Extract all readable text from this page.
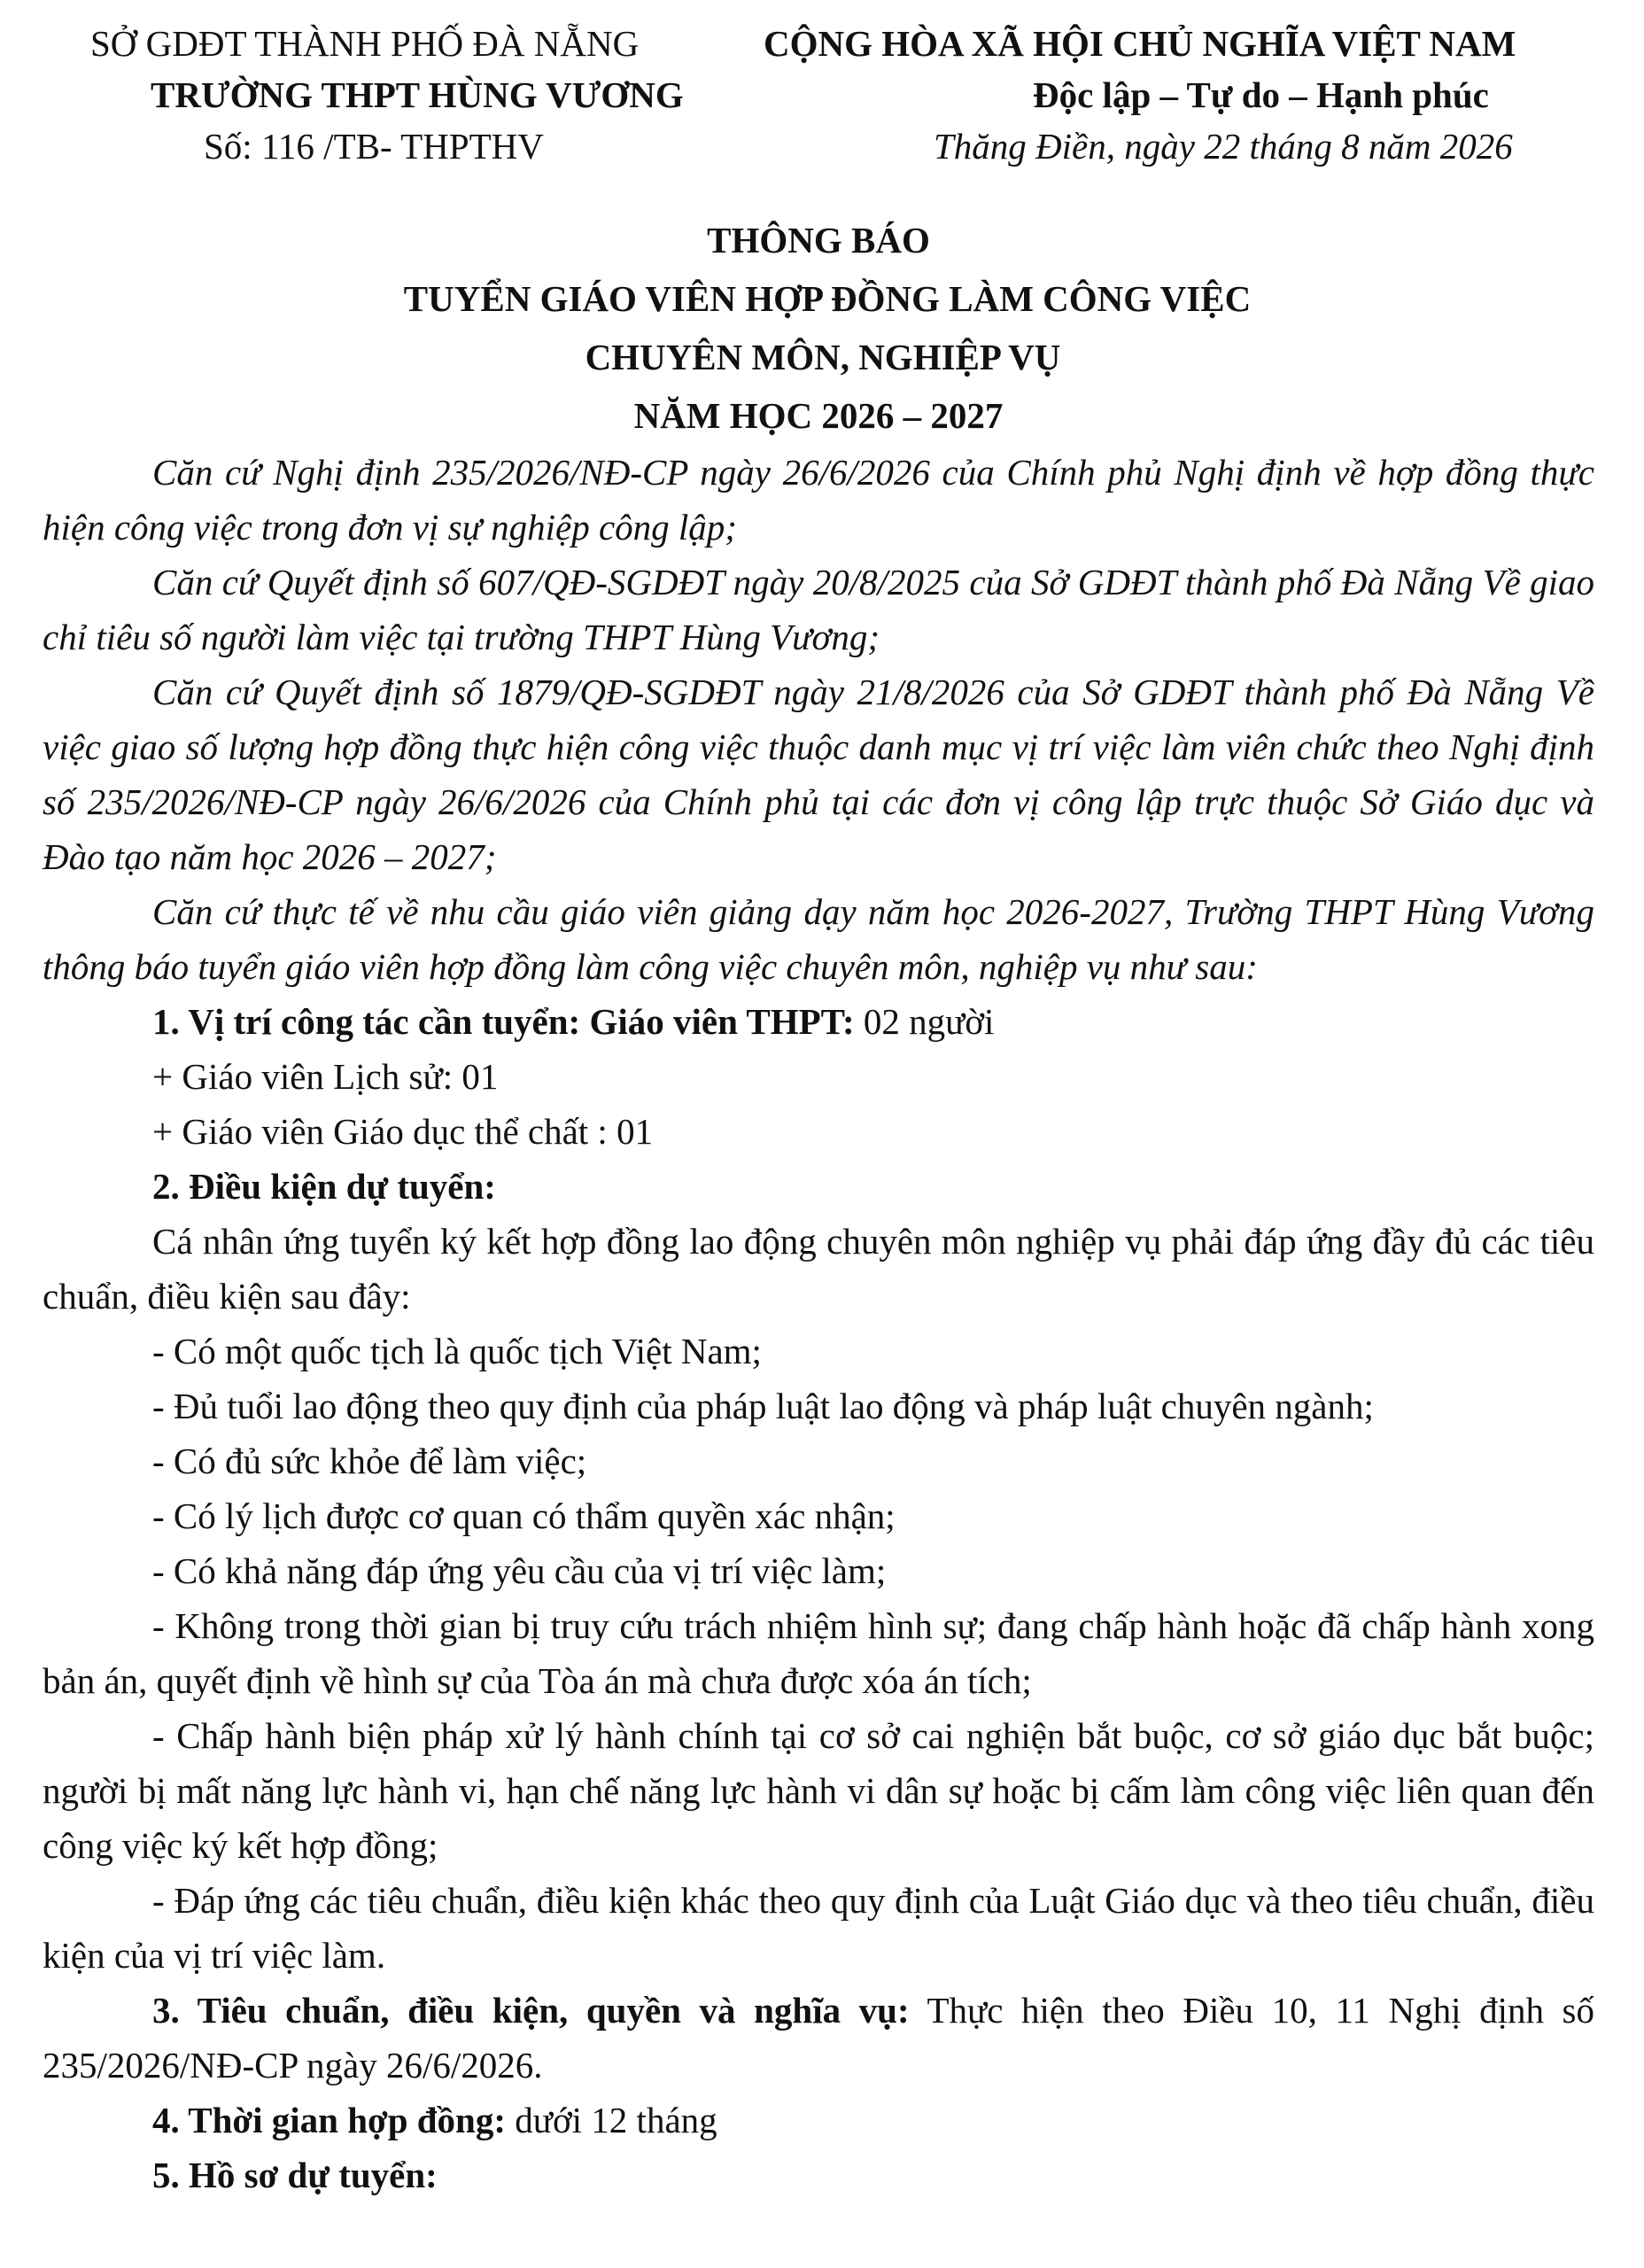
SỞ GDĐT THÀNH PHỐ ĐÀ NẴNG
TRƯỜNG THPT HÙNG VƯƠNG
Số: 116 /TB- THPTHV
CỘNG HÒA XÃ HỘI CHỦ NGHĨA VIỆT NAM
Độc lập – Tự do – Hạnh phúc
Thăng Điền, ngày 22 tháng 8 năm 2026
THÔNG BÁO
TUYỂN GIÁO VIÊN HỢP ĐỒNG LÀM CÔNG VIỆC
CHUYÊN MÔN, NGHIỆP VỤ
NĂM HỌC 2026 – 2027

Căn cứ Nghị định 235/2026/NĐ-CP ngày 26/6/2026 của Chính phủ Nghị định về hợp đồng thực hiện công việc trong đơn vị sự nghiệp công lập;

Căn cứ Quyết định số 607/QĐ-SGDĐT ngày 20/8/2025 của Sở GDĐT thành phố Đà Nẵng Về giao chỉ tiêu số người làm việc tại trường THPT Hùng Vương;

Căn cứ Quyết định số 1879/QĐ-SGDĐT ngày 21/8/2026 của Sở GDĐT thành phố Đà Nẵng Về việc giao số lượng hợp đồng thực hiện công việc thuộc danh mục vị trí việc làm viên chức theo Nghị định số 235/2026/NĐ-CP ngày 26/6/2026 của Chính phủ tại các đơn vị công lập trực thuộc Sở Giáo dục và Đào tạo năm học 2026 – 2027;

Căn cứ thực tế về nhu cầu giáo viên giảng dạy năm học 2026-2027, Trường THPT Hùng Vương thông báo tuyển giáo viên hợp đồng làm công việc chuyên môn, nghiệp vụ như sau:

1. Vị trí công tác cần tuyển: Giáo viên THPT: 02 người
+ Giáo viên Lịch sử: 01
+ Giáo viên Giáo dục thể chất : 01
2. Điều kiện dự tuyển:

Cá nhân ứng tuyển ký kết hợp đồng lao động chuyên môn nghiệp vụ phải đáp ứng đầy đủ các tiêu chuẩn, điều kiện sau đây:

- Có một quốc tịch là quốc tịch Việt Nam;
- Đủ tuổi lao động theo quy định của pháp luật lao động và pháp luật chuyên ngành;
- Có đủ sức khỏe để làm việc;
- Có lý lịch được cơ quan có thẩm quyền xác nhận;
- Có khả năng đáp ứng yêu cầu của vị trí việc làm;

- Không trong thời gian bị truy cứu trách nhiệm hình sự; đang chấp hành hoặc đã chấp hành xong bản án, quyết định về hình sự của Tòa án mà chưa được xóa án tích;

- Chấp hành biện pháp xử lý hành chính tại cơ sở cai nghiện bắt buộc, cơ sở giáo dục bắt buộc; người bị mất năng lực hành vi, hạn chế năng lực hành vi dân sự hoặc bị cấm làm công việc liên quan đến công việc ký kết hợp đồng;

- Đáp ứng các tiêu chuẩn, điều kiện khác theo quy định của Luật Giáo dục và theo tiêu chuẩn, điều kiện của vị trí việc làm.

3. Tiêu chuẩn, điều kiện, quyền và nghĩa vụ: Thực hiện theo Điều 10, 11 Nghị định số 235/2026/NĐ-CP ngày 26/6/2026.

4. Thời gian hợp đồng: dưới 12 tháng
5. Hồ sơ dự tuyển:
